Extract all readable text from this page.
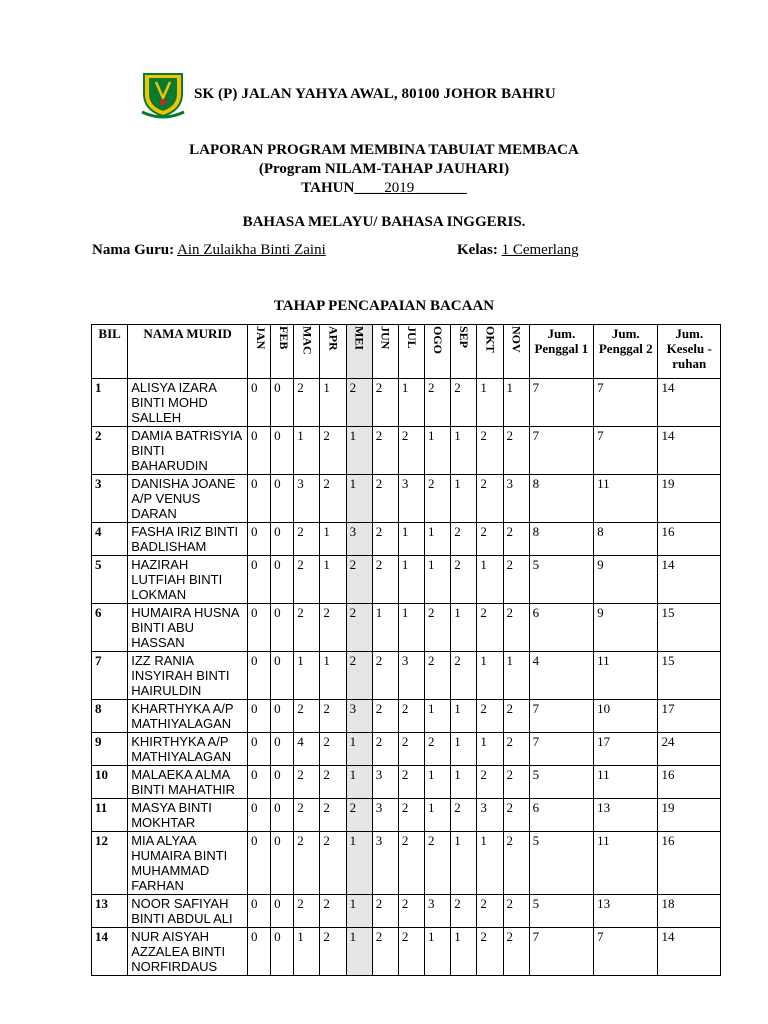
SK (P) JALAN YAHYA AWAL, 80100 JOHOR BAHRU
LAPORAN PROGRAM MEMBINA TABUIAT MEMBACA
(Program NILAM-TAHAP JAUHARI)
TAHUN____2019_______
BAHASA MELAYU/ BAHASA INGGERIS.
Nama Guru: Ain Zulaikha Binti Zaini	Kelas: 1 Cemerlang
TAHAP PENCAPAIAN BACAAN
BIL	NAMA MURID	JAN	FEB	MAC	APR	MEI	JUN	JUL	OGO	SEP	OKT	NOV	Jum. Penggal 1	Jum. Penggal 2	Jum. Keselu -ruhan
1	ALISYA IZARA BINTI MOHD SALLEH	0	0	2	1	2	2	1	2	2	1	1	7	7	14
2	DAMIA BATRISYIA BINTI BAHARUDIN	0	0	1	2	1	2	2	1	1	2	2	7	7	14
3	DANISHA JOANE A/P VENUS DARAN	0	0	3	2	1	2	3	2	1	2	3	8	11	19
4	FASHA IRIZ BINTI BADLISHAM	0	0	2	1	3	2	1	1	2	2	2	8	8	16
5	HAZIRAH LUTFIAH BINTI LOKMAN	0	0	2	1	2	2	1	1	2	1	2	5	9	14
6	HUMAIRA HUSNA BINTI ABU HASSAN	0	0	2	2	2	1	1	2	1	2	2	6	9	15
7	IZZ RANIA INSYIRAH BINTI HAIRULDIN	0	0	1	1	2	2	3	2	2	1	1	4	11	15
8	KHARTHYKA A/P MATHIYALAGAN	0	0	2	2	3	2	2	1	1	2	2	7	10	17
9	KHIRTHYKA A/P MATHIYALAGAN	0	0	4	2	1	2	2	2	1	1	2	7	17	24
10	MALAEKA ALMA BINTI MAHATHIR	0	0	2	2	1	3	2	1	1	2	2	5	11	16
11	MASYA BINTI MOKHTAR	0	0	2	2	2	3	2	1	2	3	2	6	13	19
12	MIA ALYAA HUMAIRA BINTI MUHAMMAD FARHAN	0	0	2	2	1	3	2	2	1	1	2	5	11	16
13	NOOR SAFIYAH BINTI ABDUL ALI	0	0	2	2	1	2	2	3	2	2	2	5	13	18
14	NUR AISYAH AZZALEA BINTI NORFIRDAUS	0	0	1	2	1	2	2	1	1	2	2	7	7	14
